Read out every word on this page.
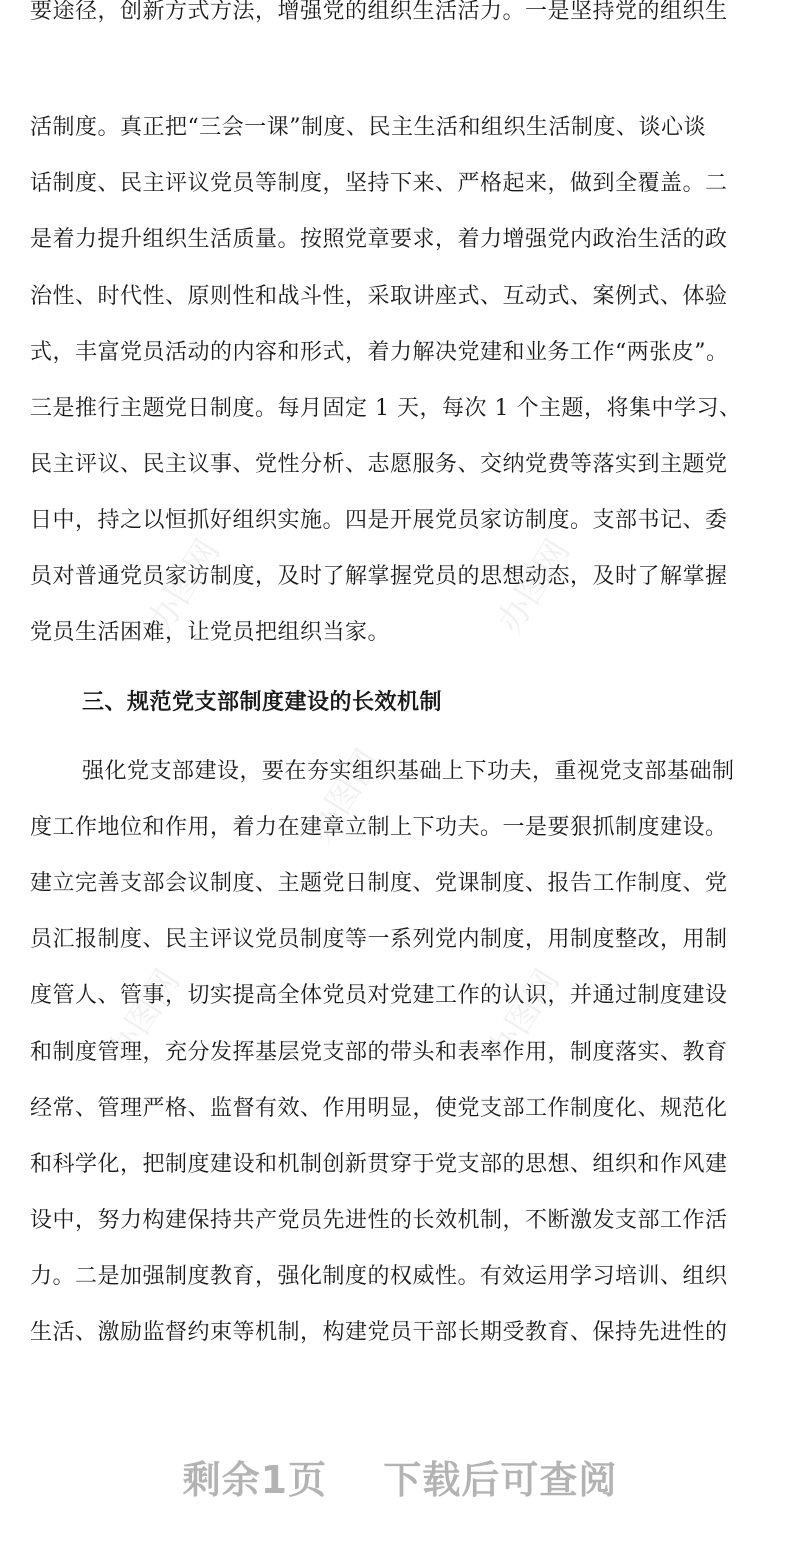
要途径，创新方式方法，增强党的组织生活活力。一是坚持党的组织生
活制度。真正把“三会一课”制度、民主生活和组织生活制度、谈心谈
话制度、民主评议党员等制度，坚持下来、严格起来，做到全覆盖。二
是着力提升组织生活质量。按照党章要求，着力增强党内政治生活的政
治性、时代性、原则性和战斗性，采取讲座式、互动式、案例式、体验
式，丰富党员活动的内容和形式，着力解决党建和业务工作“两张皮”。
三是推行主题党日制度。每月固定 1 天，每次 1 个主题，将集中学习、
民主评议、民主议事、党性分析、志愿服务、交纳党费等落实到主题党
日中，持之以恒抓好组织实施。四是开展党员家访制度。支部书记、委
员对普通党员家访制度，及时了解掌握党员的思想动态，及时了解掌握
党员生活困难，让党员把组织当家。
三、规范党支部制度建设的长效机制
强化党支部建设，要在夯实组织基础上下功夫，重视党支部基础制
度工作地位和作用，着力在建章立制上下功夫。一是要狠抓制度建设。
建立完善支部会议制度、主题党日制度、党课制度、报告工作制度、党
员汇报制度、民主评议党员制度等一系列党内制度，用制度整改，用制
度管人、管事，切实提高全体党员对党建工作的认识，并通过制度建设
和制度管理，充分发挥基层党支部的带头和表率作用，制度落实、教育
经常、管理严格、监督有效、作用明显，使党支部工作制度化、规范化
和科学化，把制度建设和机制创新贯穿于党支部的思想、组织和作风建
设中，努力构建保持共产党员先进性的长效机制，不断激发支部工作活
力。二是加强制度教育，强化制度的权威性。有效运用学习培训、组织
生活、激励监督约束等机制，构建党员干部长期受教育、保持先进性的
办图网	办图网
办图网
办图网	办图网
剩余1页 下载后可查阅
